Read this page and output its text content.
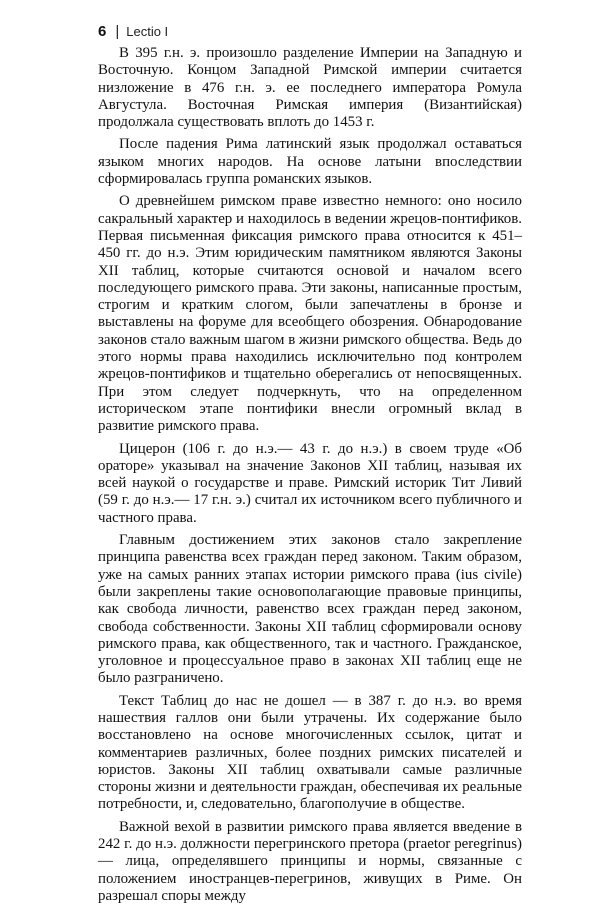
6 | Lectio I

В 395 г.н. э. произошло разделение Империи на Западную и Восточную. Концом Западной Римской империи считается низложение в 476 г.н. э. ее последнего императора Ромула Августула. Восточная Римская империя (Византийская) продолжала существовать вплоть до 1453 г.

После падения Рима латинский язык продолжал оставаться языком многих народов. На основе латыни впоследствии сформировалась группа романских языков.

О древнейшем римском праве известно немного: оно носило сакральный характер и находилось в ведении жрецов-понтификов. Первая письменная фиксация римского права относится к 451–450 гг. до н.э. Этим юридическим памятником являются Законы XII таблиц, которые считаются основой и началом всего последующего римского права. Эти законы, написанные простым, строгим и кратким слогом, были запечатлены в бронзе и выставлены на форуме для всеобщего обозрения. Обнародование законов стало важным шагом в жизни римского общества. Ведь до этого нормы права находились исключительно под контролем жрецов-понтификов и тщательно оберегались от непосвященных. При этом следует подчеркнуть, что на определенном историческом этапе понтифики внесли огромный вклад в развитие римского права.

Цицерон (106 г. до н.э.— 43 г. до н.э.) в своем труде «Об ораторе» указывал на значение Законов XII таблиц, называя их всей наукой о государстве и праве. Римский историк Тит Ливий (59 г. до н.э.— 17 г.н. э.) считал их источником всего публичного и частного права.

Главным достижением этих законов стало закрепление принципа равенства всех граждан перед законом. Таким образом, уже на самых ранних этапах истории римского права (ius civile) были закреплены такие основополагающие правовые принципы, как свобода личности, равенство всех граждан перед законом, свобода собственности. Законы XII таблиц сформировали основу римского права, как общественного, так и частного. Гражданское, уголовное и процессуальное право в законах XII таблиц еще не было разграничено.

Текст Таблиц до нас не дошел — в 387 г. до н.э. во время нашествия галлов они были утрачены. Их содержание было восстановлено на основе многочисленных ссылок, цитат и комментариев различных, более поздних римских писателей и юристов. Законы XII таблиц охватывали самые различные стороны жизни и деятельности граждан, обеспечивая их реальные потребности, и, следовательно, благополучие в обществе.

Важной вехой в развитии римского права является введение в 242 г. до н.э. должности перегринского претора (praetor peregrinus) — лица, определявшего принципы и нормы, связанные с положением иностранцев-перегринов, живущих в Риме. Он разрешал споры между
